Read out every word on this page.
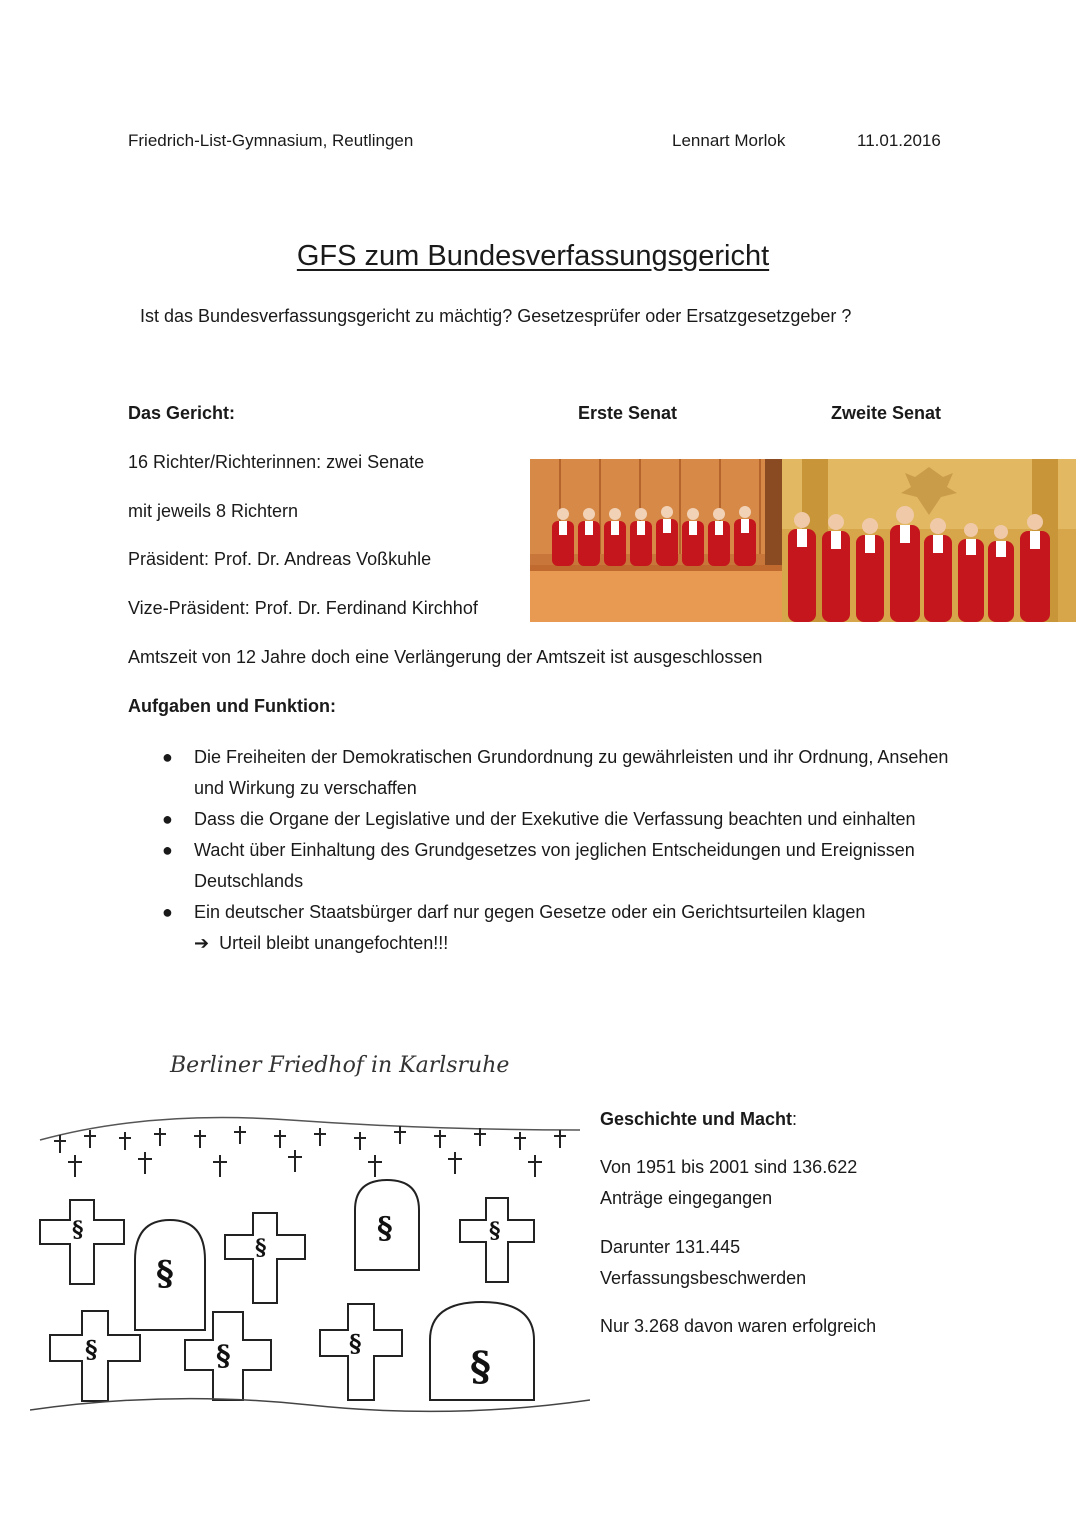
Friedrich-List-Gymnasium, Reutlingen	Lennart Morlok	11.01.2016
GFS zum Bundesverfassungsgericht
Ist das Bundesverfassungsgericht zu mächtig? Gesetzesprüfer oder Ersatzgesetzgeber ?
Das Gericht:	Erste Senat	Zweite Senat
16 Richter/Richterinnen: zwei Senate
mit jeweils 8 Richtern
Präsident: Prof. Dr. Andreas Voßkuhle
Vize-Präsident: Prof. Dr. Ferdinand Kirchhof
Amtszeit von 12 Jahre doch eine Verlängerung der Amtszeit ist ausgeschlossen
Aufgaben und Funktion:
● Die Freiheiten der Demokratischen Grundordnung zu gewährleisten und ihr Ordnung, Ansehen und Wirkung zu verschaffen
● Dass die Organe der Legislative und der Exekutive die Verfassung beachten und einhalten
● Wacht über Einhaltung des Grundgesetzes von jeglichen Entscheidungen und Ereignissen Deutschlands
● Ein deutscher Staatsbürger darf nur gegen Gesetze oder ein Gerichtsurteilen klagen
➔ Urteil bleibt unangefochten!!!
Berliner Friedhof in Karlsruhe
§
§
§
§	§
§	§	§	§
Geschichte und Macht:
Von 1951 bis 2001 sind 136.622
Anträge eingegangen
Darunter 131.445
Verfassungsbeschwerden
Nur 3.268 davon waren erfolgreich
